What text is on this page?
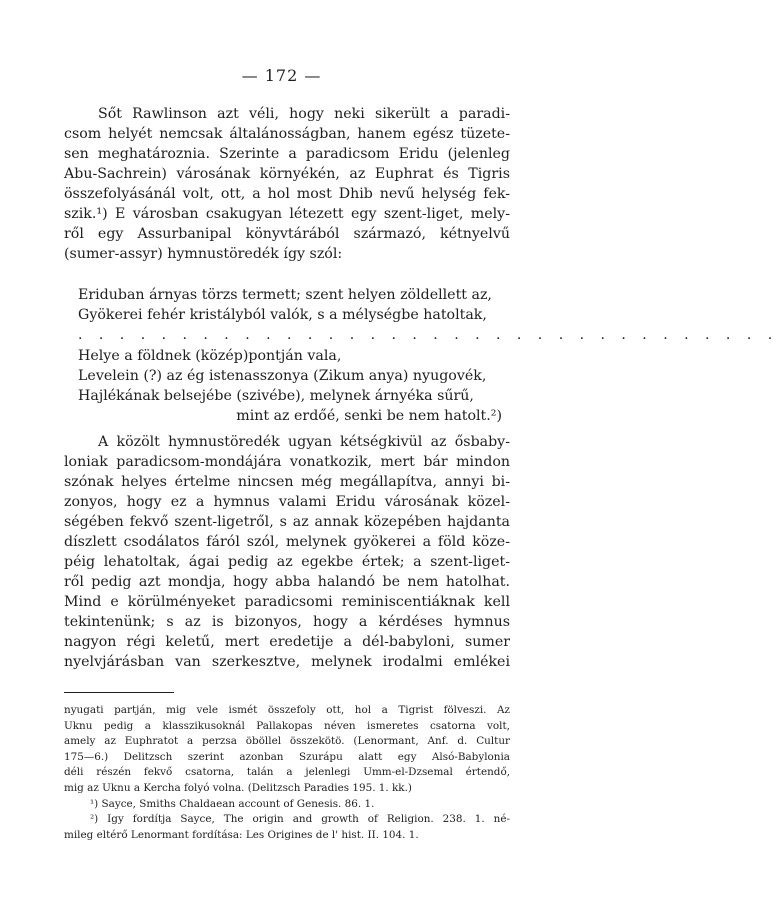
— 172 —
Sőt Rawlinson azt véli, hogy neki sikerült a paradi-
csom helyét nemcsak általánosságban, hanem egész tüzete-
sen meghatároznia. Szerinte a paradicsom Eridu (jelenleg
Abu-Sachrein) városának környékén, az Euphrat és Tigris
összefolyásánál volt, ott, a hol most Dhib nevű helység fek-
szik.¹) E városban csakugyan létezett egy szent-liget, mely-
ről egy Assurbanipal könyvtárából származó, kétnyelvű
(sumer-assyr) hymnustöredék így szól:
Eriduban árnyas törzs termett; szent helyen zöldellett az,
Gyökerei fehér kristályból valók, s a mélységbe hatoltak,
. . . . . . . . . . . . . . . . . . . . . . . . . . . . . . . . . .
Helye a földnek (közép)pontján vala,
Levelein (?) az ég istenasszonya (Zikum anya) nyugovék,
Hajlékának belsejébe (szivébe), melynek árnyéka sűrű,
mint az erdőé, senki be nem hatolt.²)
A közölt hymnustöredék ugyan kétségkivül az ősbaby-
loniak paradicsom-mondájára vonatkozik, mert bár mindon
szónak helyes értelme nincsen még megállapítva, annyi bi-
zonyos, hogy ez a hymnus valami Eridu városának közel-
ségében fekvő szent-ligetről, s az annak közepében hajdanta
díszlett csodálatos fáról szól, melynek gyökerei a föld köze-
péig lehatoltak, ágai pedig az egekbe értek; a szent-liget-
ről pedig azt mondja, hogy abba halandó be nem hatolhat.
Mind e körülményeket paradicsomi reminiscentiáknak kell
tekintenünk; s az is bizonyos, hogy a kérdéses hymnus
nagyon régi keletű, mert eredetije a dél-babyloni, sumer
nyelvjárásban van szerkesztve, melynek irodalmi emlékei
nyugati partján, mig vele ismét összefoly ott, hol a Tigrist fölveszi. Az
Uknu pedig a klasszikusoknál Pallakopas néven ismeretes csatorna volt,
amely az Euphratot a perzsa öböllel összekötö. (Lenormant, Anf. d. Cultur
175—6.) Delitzsch szerint azonban Szurápu alatt egy Alsó-Babylonia
déli részén fekvő csatorna, talán a jelenlegi Umm-el-Dzsemal értendő,
mig az Uknu a Kercha folyó volna. (Delitzsch Paradies 195. 1. kk.)
¹) Sayce, Smiths Chaldaean account of Genesis. 86. 1.
²) Igy fordítja Sayce, The origin and growth of Religion. 238. 1. né-
mileg eltérő Lenormant fordítása: Les Origines de l' hist. II. 104. 1.
